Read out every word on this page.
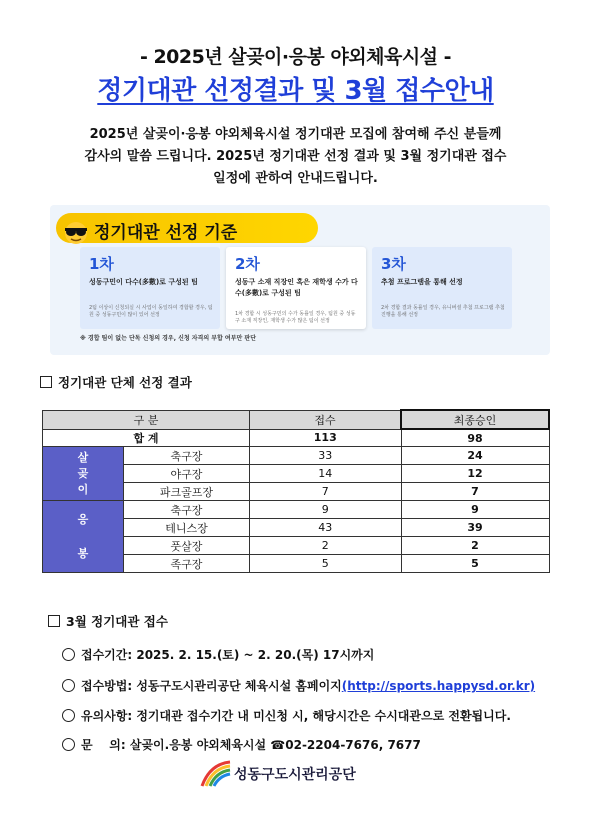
- 2025년 살곶이·응봉 야외체육시설 -
정기대관 선정결과 및 3월 접수안내
2025년 살곶이·응봉 야외체육시설 정기대관 모집에 참여해 주신 분들께
감사의 말씀 드립니다. 2025년 정기대관 선정 결과 및 3월 정기대관 접수
일정에 관하여 안내드립니다.
정기대관 선정 기준
1차
성동구민이 다수(多數)로 구성된 팀
2팀 이상이 신청되실 시 사업이 동일하여 경합할 경우, 팀원 중 성동구민이 많이 있어 선정
2차
성동구 소재 직장인 혹은 재학생 수가 다수(多數)로 구성된 팀
1차 경합 시 성동구민의 수가 동률일 경우, 팀원 중 성동구 소재 직장인, 재학생 수가 많은 팀이 선정
3차
추첨 프로그램을 통해 선정
2차 경합 결과 동률일 경우, 유니버셜 추첨 프로그램 추첨 진행을 통해 선정
※ 경합 팀이 없는 단독 신청의 경우, 신청 자격의 부합 여부만 판단
정기대관 단체 선정 결과
구 분		접수	최종승인
합 계		113	98

살
곶
이	축구장	33	24
	야구장	14	12
	파크골프장	7	7

응
봉	축구장	9	9
	테니스장	43	39
	풋살장	2	2
	족구장	5	5
3월 정기대관 접수
접수기간: 2025. 2. 15.(토) ~ 2. 20.(목) 17시까지
접수방법: 성동구도시관리공단 체육시설 홈페이지(http://sports.happysd.or.kr)
유의사항: 정기대관 접수기간 내 미신청 시, 해당시간은 수시대관으로 전환됩니다.
문    의: 살곶이.응봉 야외체육시설 ☎02-2204-7676, 7677
성동구도시관리공단
